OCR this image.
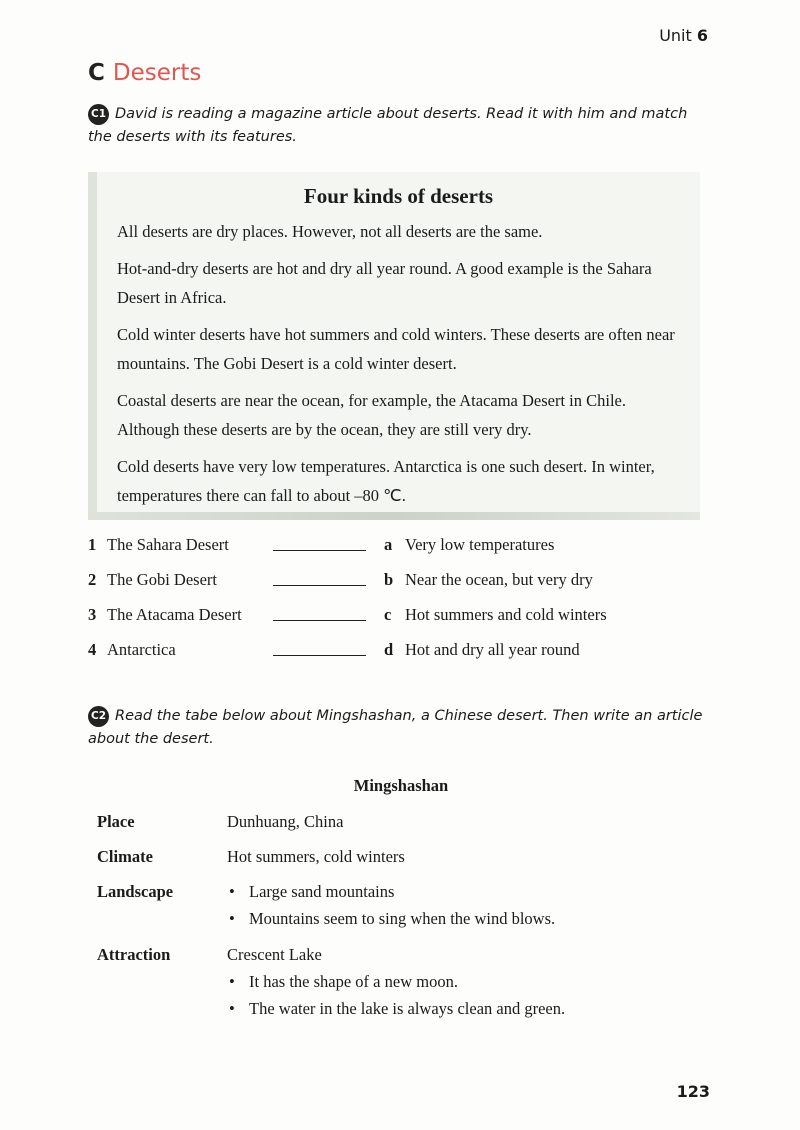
Unit 6
C Deserts
C1 David is reading a magazine article about deserts. Read it with him and match the deserts with its features.
Four kinds of deserts

All deserts are dry places. However, not all deserts are the same.

Hot-and-dry deserts are hot and dry all year round. A good example is the Sahara Desert in Africa.

Cold winter deserts have hot summers and cold winters. These deserts are often near mountains. The Gobi Desert is a cold winter desert.

Coastal deserts are near the ocean, for example, the Atacama Desert in Chile. Although these deserts are by the ocean, they are still very dry.

Cold deserts have very low temperatures. Antarctica is one such desert. In winter, temperatures there can fall to about –80 ℃.

1 The Sahara Desert	a Very low temperatures
2 The Gobi Desert	b Near the ocean, but very dry
3 The Atacama Desert	c Hot summers and cold winters
4 Antarctica	d Hot and dry all year round
C2 Read the tabe below about Mingshashan, a Chinese desert. Then write an article about the desert.
Mingshashan
Place	Dunhuang, China
Climate	Hot summers, cold winters
Landscape
•	Large sand mountains
• Mountains seem to sing when the wind blows.
Attraction	Crescent Lake
• It has the shape of a new moon.
• The water in the lake is always clean and green.
123
